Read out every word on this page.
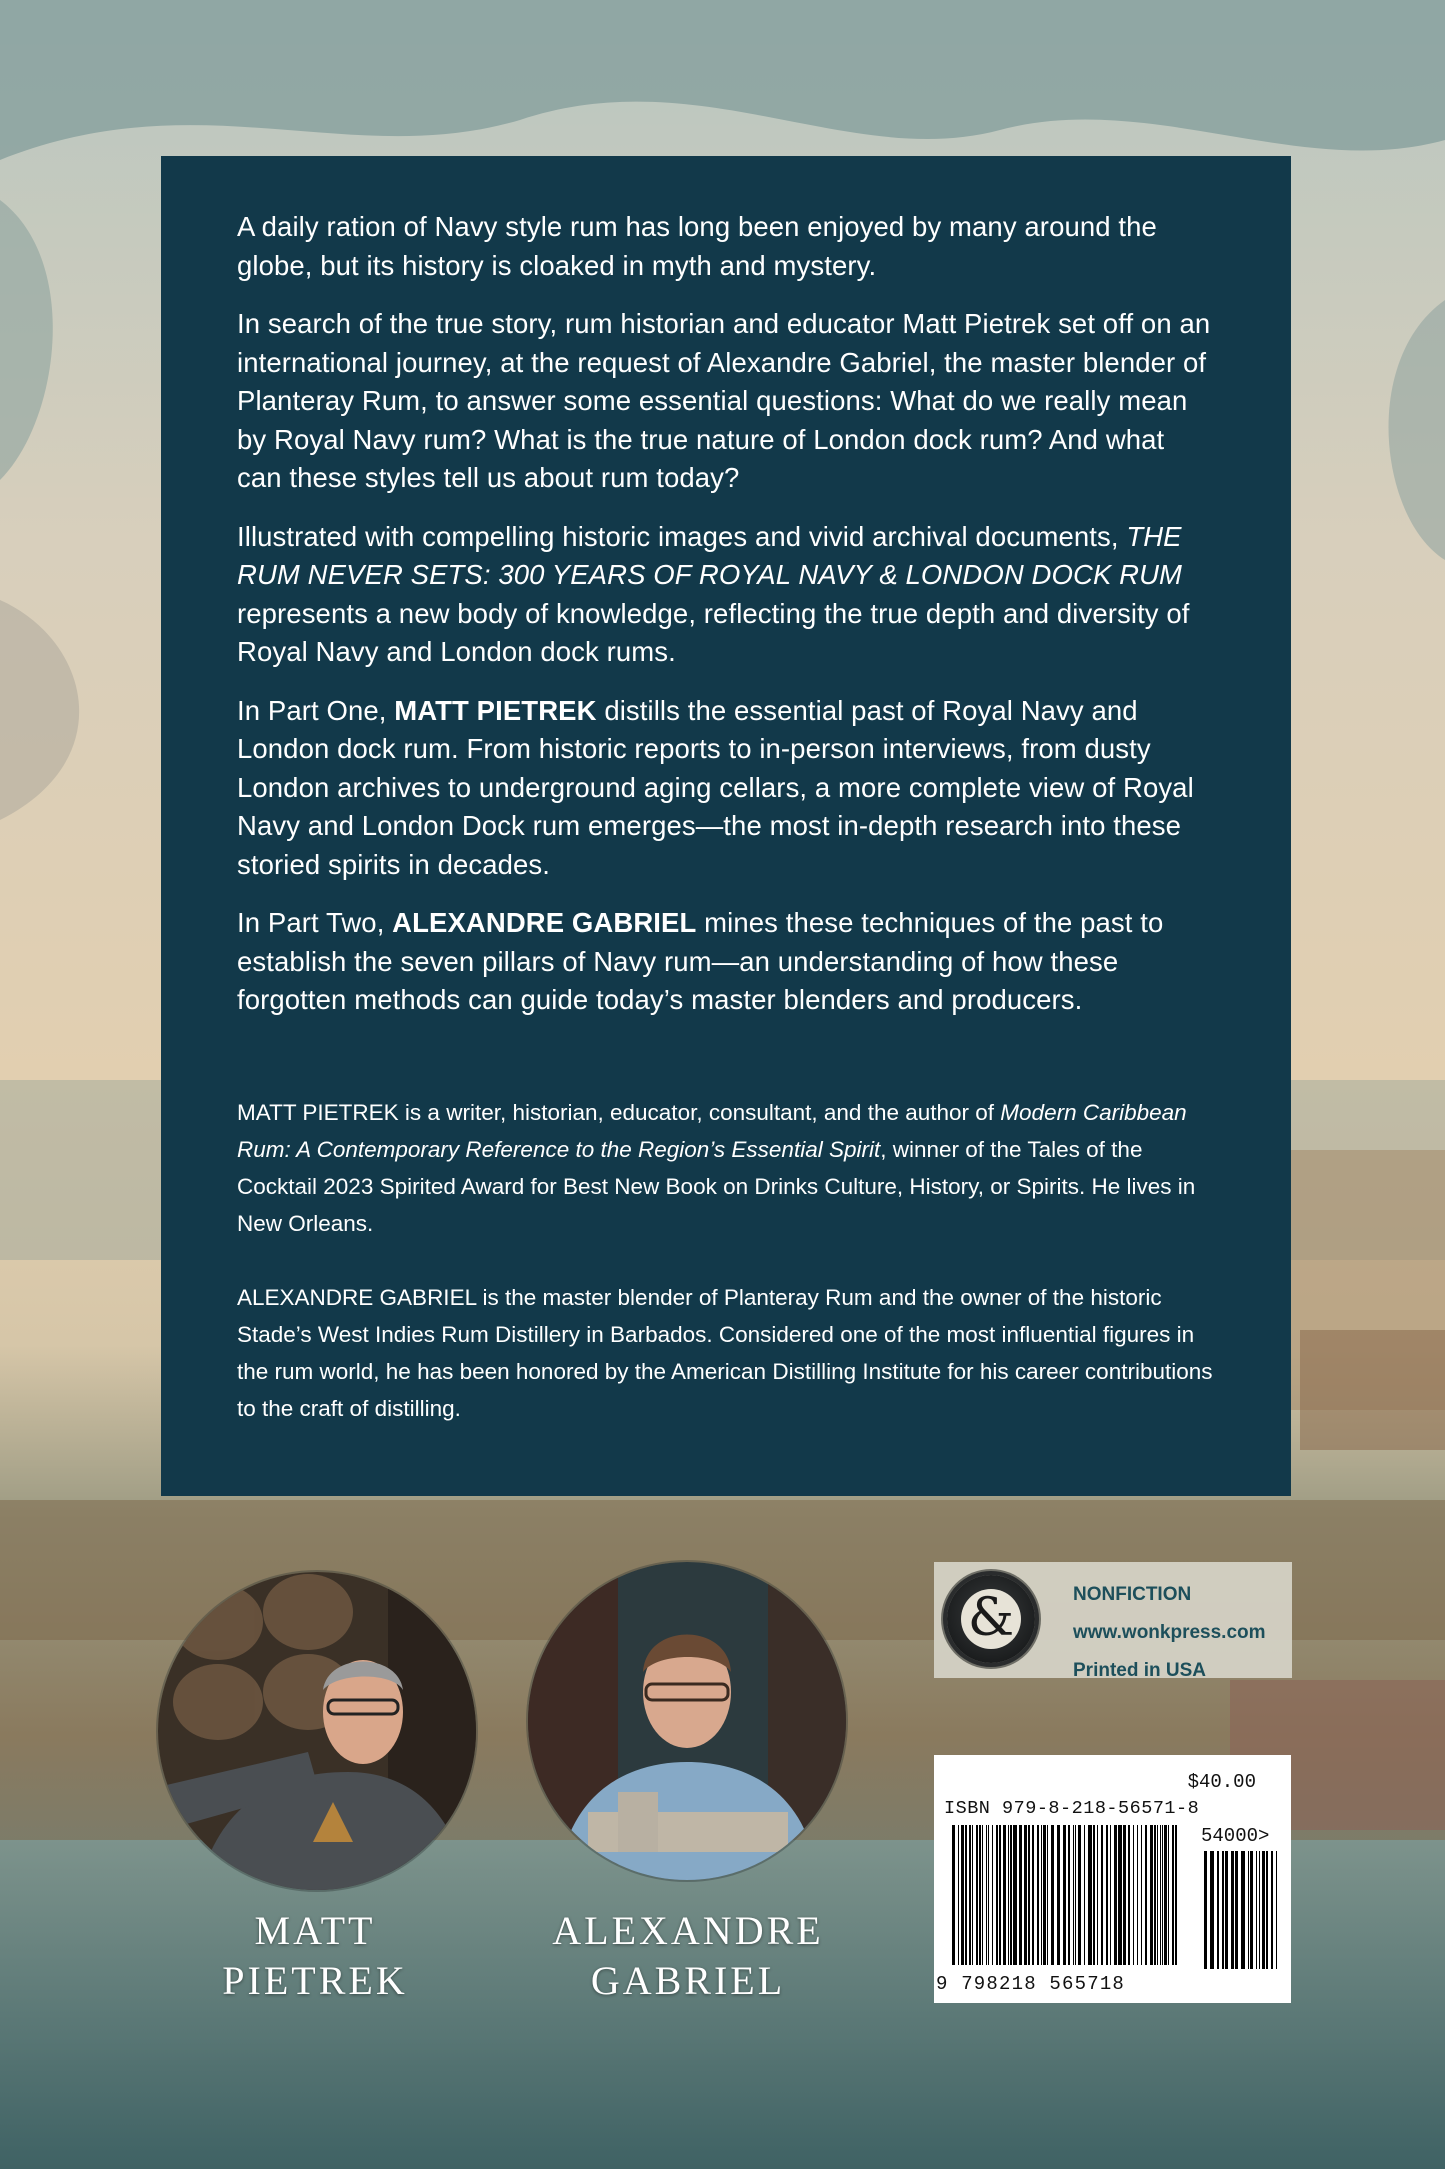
A daily ration of Navy style rum has long been enjoyed by many around the globe, but its history is cloaked in myth and mystery.

In search of the true story, rum historian and educator Matt Pietrek set off on an international journey, at the request of Alexandre Gabriel, the master blender of Planteray Rum, to answer some essential questions: What do we really mean by Royal Navy rum? What is the true nature of London dock rum? And what can these styles tell us about rum today?

Illustrated with compelling historic images and vivid archival documents, THE RUM NEVER SETS: 300 YEARS OF ROYAL NAVY & LONDON DOCK RUM represents a new body of knowledge, reflecting the true depth and diversity of Royal Navy and London dock rums.

In Part One, MATT PIETREK distills the essential past of Royal Navy and London dock rum. From historic reports to in-person interviews, from dusty London archives to underground aging cellars, a more complete view of Royal Navy and London Dock rum emerges—the most in-depth research into these storied spirits in decades.

In Part Two, ALEXANDRE GABRIEL mines these techniques of the past to establish the seven pillars of Navy rum—an understanding of how these forgotten methods can guide today’s master blenders and producers.

MATT PIETREK is a writer, historian, educator, consultant, and the author of Modern Caribbean Rum: A Contemporary Reference to the Region’s Essential Spirit, winner of the Tales of the Cocktail 2023 Spirited Award for Best New Book on Drinks Culture, History, or Spirits. He lives in New Orleans.

ALEXANDRE GABRIEL is the master blender of Planteray Rum and the owner of the historic Stade’s West Indies Rum Distillery in Barbados. Considered one of the most influential figures in the rum world, he has been honored by the American Distilling Institute for his career contributions to the craft of distilling.

MATT
PIETREK
ALEXANDRE
GABRIEL
&	NONFICTION
www.wonkpress.com
Printed in USA
$40.00
ISBN 979-8-218-56571-8
54000>
9 798218 565718
